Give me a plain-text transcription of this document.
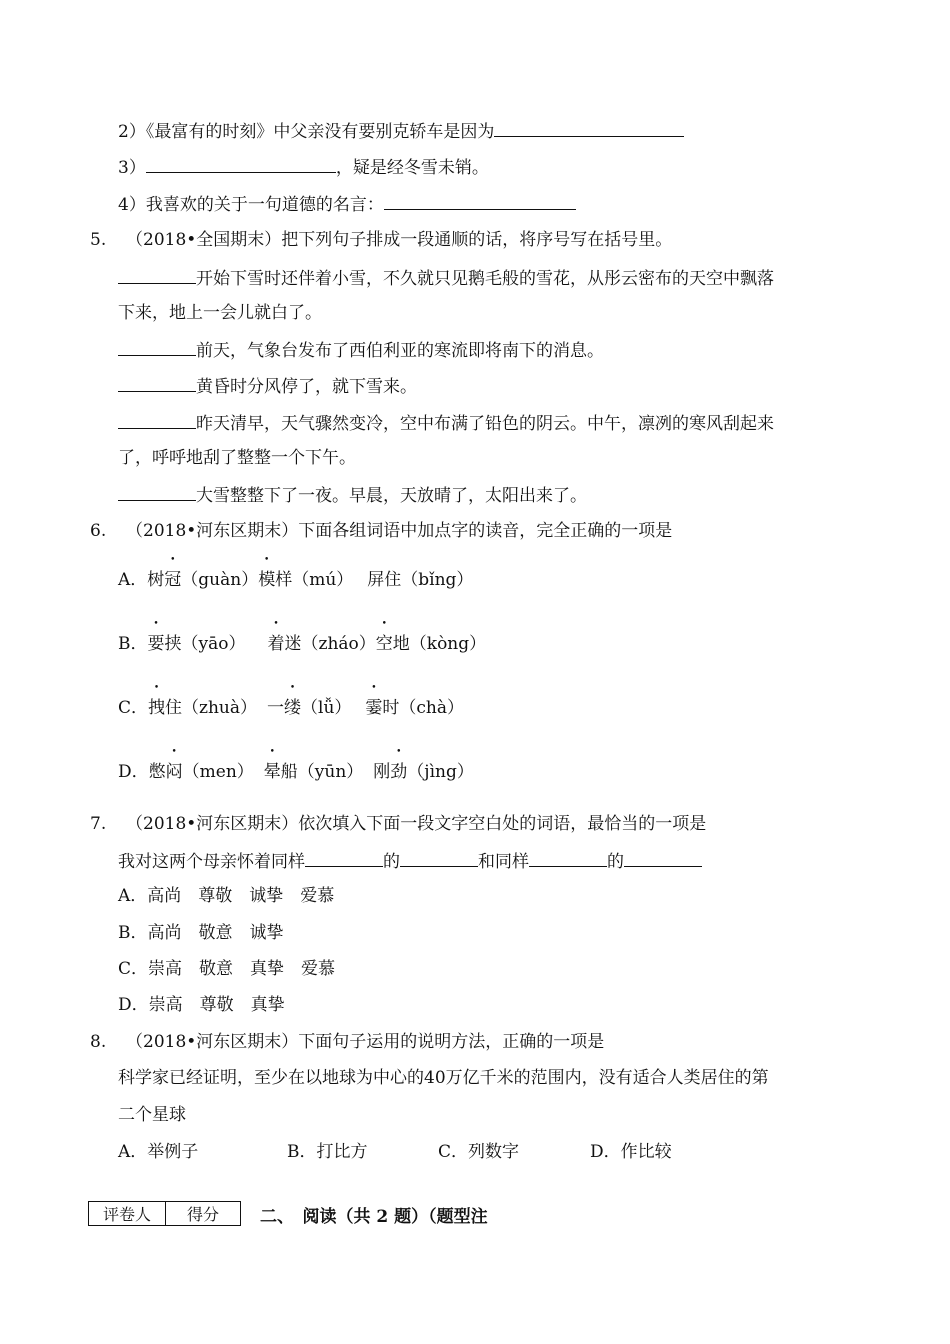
2）《最富有的时刻》中父亲没有要别克轿车是因为
3）	，疑是经冬雪未销。
4）我喜欢的关于一句道德的名言：
5. （2018•全国期末）把下列句子排成一段通顺的话，将序号写在括号里。
开始下雪时还伴着小雪，不久就只见鹅毛般的雪花，从彤云密布的天空中飘落
下来，地上一会儿就白了。
前天，气象台发布了西伯利亚的寒流即将南下的消息。
黄昏时分风停了，就下雪来。
昨天清早，天气骤然变冷，空中布满了铅色的阴云。中午，凛冽的寒风刮起来
了，呼呼地刮了整整一个下午。
大雪整整下了一夜。早晨，天放晴了，太阳出来了。
6. （2018•河东区期末）下面各组词语中加点字的读音，完全正确的一项是
A．树冠（guàn）模样（mú） 屏住（bǐng）
B．要挟（yāo） 着迷（zháo）空地（kòng）
C．拽住（zhuà） 一缕（lǚ） 霎时（chà）
D．憋闷（men） 晕船（yūn） 刚劲（jìng）
7. （2018•河东区期末）依次填入下面一段文字空白处的词语，最恰当的一项是
我对这两个母亲怀着同样	的	和同样	的
A．高尚　尊敬　诚挚　爱慕
B．高尚　敬意　诚挚
C．崇高　敬意　真挚　爱慕
D．崇高　尊敬　真挚
8. （2018•河东区期末）下面句子运用的说明方法，正确的一项是
科学家已经证明，至少在以地球为中心的40万亿千米的范围内，没有适合人类居住的第
二个星球
A．举例子	B．打比方	C．列数字	D．作比较
评卷人	得分 二、　阅读（共 2 题）（题型注
